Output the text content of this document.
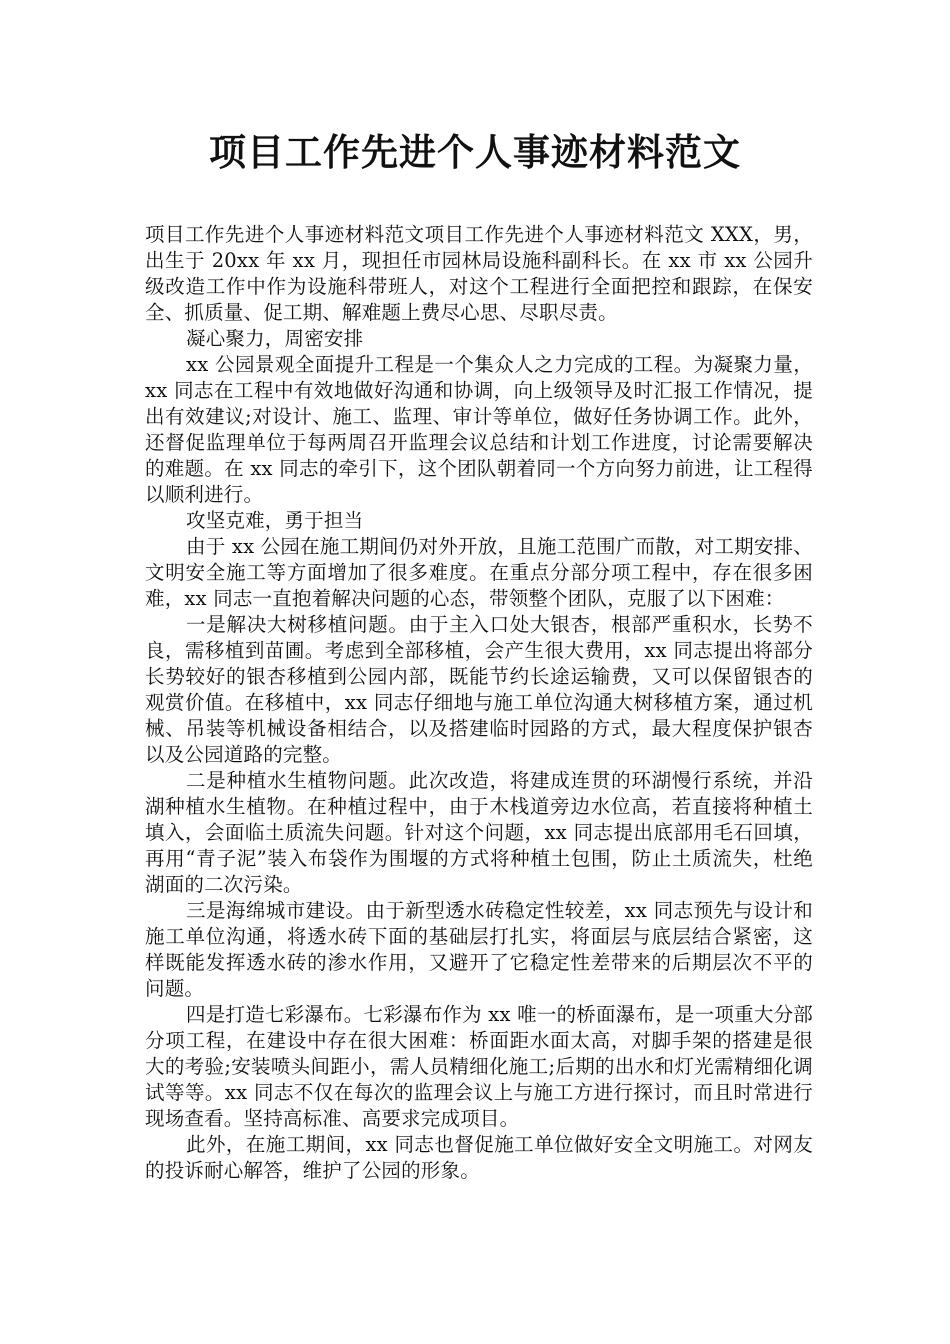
项目工作先进个人事迹材料范文

项目工作先进个人事迹材料范文项目工作先进个人事迹材料范文 XXX，男，出生于 20xx 年 xx 月，现担任市园林局设施科副科长。在 xx 市 xx 公园升级改造工作中作为设施科带班人，对这个工程进行全面把控和跟踪，在保安全、抓质量、促工期、解难题上费尽心思、尽职尽责。

凝心聚力，周密安排

xx 公园景观全面提升工程是一个集众人之力完成的工程。为凝聚力量，xx 同志在工程中有效地做好沟通和协调，向上级领导及时汇报工作情况，提出有效建议;对设计、施工、监理、审计等单位，做好任务协调工作。此外，还督促监理单位于每两周召开监理会议总结和计划工作进度，讨论需要解决的难题。在 xx 同志的牵引下，这个团队朝着同一个方向努力前进，让工程得以顺利进行。

攻坚克难，勇于担当

由于 xx 公园在施工期间仍对外开放，且施工范围广而散，对工期安排、文明安全施工等方面增加了很多难度。在重点分部分项工程中，存在很多困难，xx 同志一直抱着解决问题的心态，带领整个团队，克服了以下困难：

一是解决大树移植问题。由于主入口处大银杏，根部严重积水，长势不良，需移植到苗圃。考虑到全部移植，会产生很大费用，xx 同志提出将部分长势较好的银杏移植到公园内部，既能节约长途运输费，又可以保留银杏的观赏价值。在移植中，xx 同志仔细地与施工单位沟通大树移植方案，通过机械、吊装等机械设备相结合，以及搭建临时园路的方式，最大程度保护银杏以及公园道路的完整。

二是种植水生植物问题。此次改造，将建成连贯的环湖慢行系统，并沿湖种植水生植物。在种植过程中，由于木栈道旁边水位高，若直接将种植土填入，会面临土质流失问题。针对这个问题，xx 同志提出底部用毛石回填，再用“青子泥”装入布袋作为围堰的方式将种植土包围，防止土质流失，杜绝湖面的二次污染。

三是海绵城市建设。由于新型透水砖稳定性较差，xx 同志预先与设计和施工单位沟通，将透水砖下面的基础层打扎实，将面层与底层结合紧密，这样既能发挥透水砖的渗水作用，又避开了它稳定性差带来的后期层次不平的问题。

四是打造七彩瀑布。七彩瀑布作为 xx 唯一的桥面瀑布，是一项重大分部分项工程，在建设中存在很大困难：桥面距水面太高，对脚手架的搭建是很大的考验;安装喷头间距小，需人员精细化施工;后期的出水和灯光需精细化调试等等。xx 同志不仅在每次的监理会议上与施工方进行探讨，而且时常进行现场查看。坚持高标准、高要求完成项目。

此外，在施工期间，xx 同志也督促施工单位做好安全文明施工。对网友的投诉耐心解答，维护了公园的形象。
